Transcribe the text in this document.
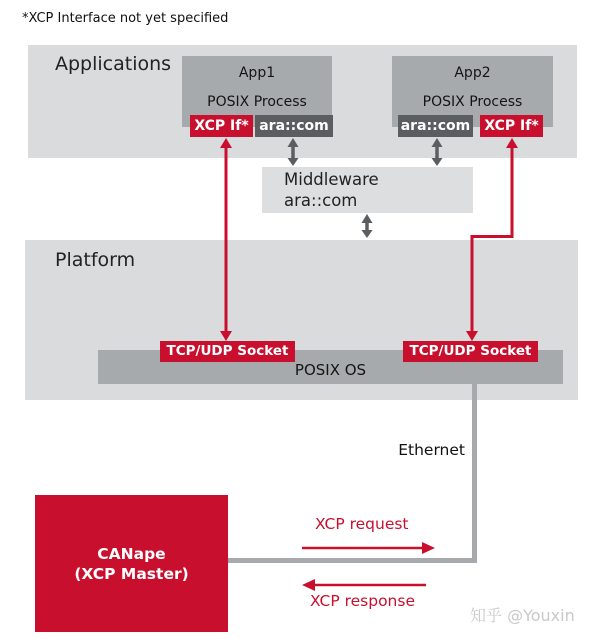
*XCP Interface not yet specified
Applications	App1
POSIX Process
XCP If* ara::com
App2
POSIX Process
ara::com	XCP If*
Middleware
ara::com
Platform
POSIX OS
TCP/UDP Socket	TCP/UDP Socket
Ethernet
CANape
(XCP Master)
XCP request
XCP response
知乎 @Youxin
